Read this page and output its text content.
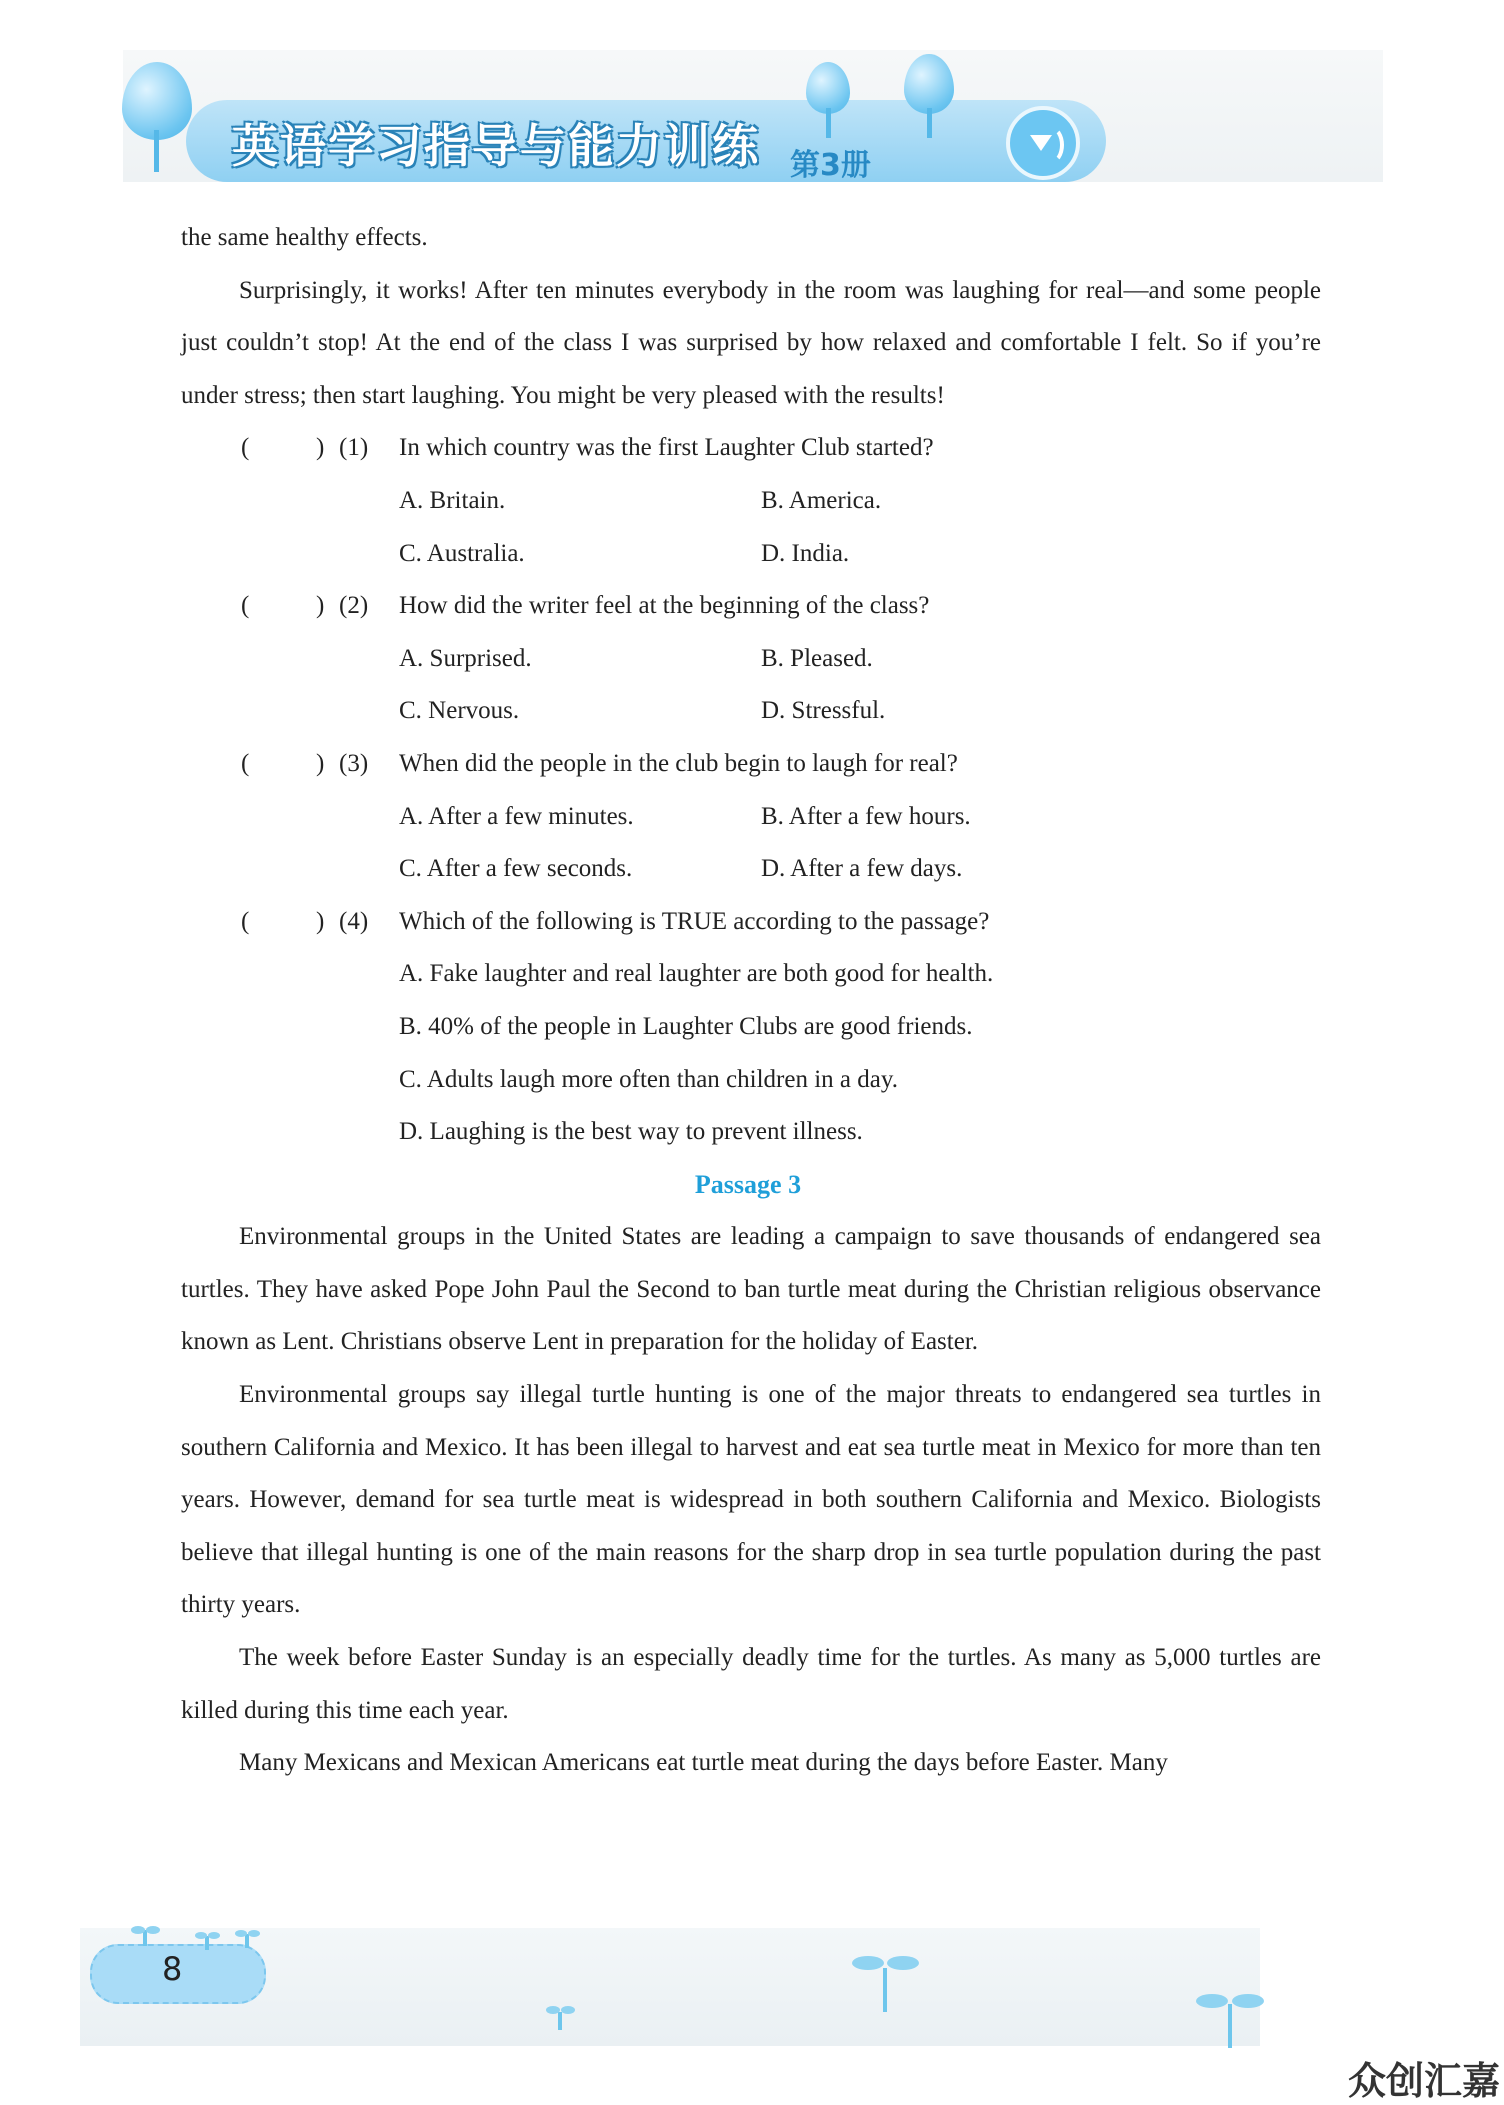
英语学习指导与能力训练 第3册

the same healthy effects.

Surprisingly, it works! After ten minutes everybody in the room was laughing for real—and some people just couldn’t stop! At the end of the class I was surprised by how relaxed and comfortable I felt. So if you’re under stress; then start laughing. You might be very pleased with the results!

(	) (1) In which country was the first Laughter Club started?
A. Britain.	B. America.
C. Australia.	D. India.
(	) (2) How did the writer feel at the beginning of the class?
A. Surprised.	B. Pleased.
C. Nervous.	D. Stressful.
(	) (3) When did the people in the club begin to laugh for real?
A. After a few minutes.	B. After a few hours.
C. After a few seconds.	D. After a few days.
(	) (4) Which of the following is TRUE according to the passage?
A. Fake laughter and real laughter are both good for health.
B. 40% of the people in Laughter Clubs are good friends.
C. Adults laugh more often than children in a day.
D. Laughing is the best way to prevent illness.
Passage 3

Environmental groups in the United States are leading a campaign to save thousands of endangered sea turtles. They have asked Pope John Paul the Second to ban turtle meat during the Christian religious observance known as Lent. Christians observe Lent in preparation for the holiday of Easter.

Environmental groups say illegal turtle hunting is one of the major threats to endangered sea turtles in southern California and Mexico. It has been illegal to harvest and eat sea turtle meat in Mexico for more than ten years. However, demand for sea turtle meat is widespread in both southern California and Mexico. Biologists believe that illegal hunting is one of the main reasons for the sharp drop in sea turtle population during the past thirty years.

The week before Easter Sunday is an especially deadly time for the turtles. As many as 5,000 turtles are killed during this time each year.

Many Mexicans and Mexican Americans eat turtle meat during the days before Easter. Many

8
众创汇嘉
